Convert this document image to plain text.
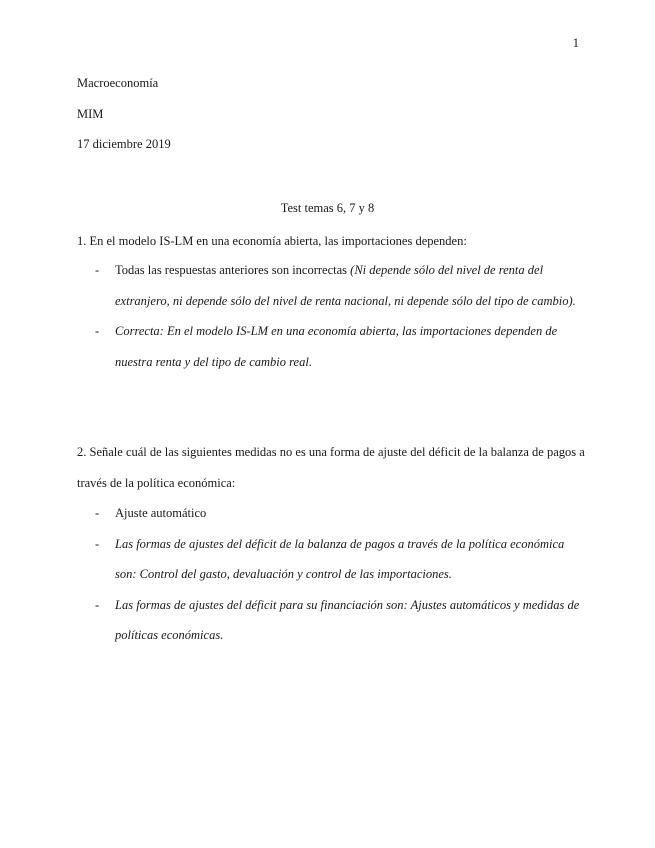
1
Macroeconomía
MIM
17 diciembre 2019
Test temas 6, 7 y 8
1. En el modelo IS-LM en una economía abierta, las importaciones dependen:
- Todas las respuestas anteriores son incorrectas (Ni depende sólo del nivel de renta del extranjero, ni depende sólo del nivel de renta nacional, ni depende sólo del tipo de cambio).
- Correcta: En el modelo IS-LM en una economía abierta, las importaciones dependen de nuestra renta y del tipo de cambio real.
2. Señale cuál de las siguientes medidas no es una forma de ajuste del déficit de la balanza de pagos a través de la política económica:
- Ajuste automático
- Las formas de ajustes del déficit de la balanza de pagos a través de la política económica son: Control del gasto, devaluación y control de las importaciones.
- Las formas de ajustes del déficit para su financiación son: Ajustes automáticos y medidas de políticas económicas.
